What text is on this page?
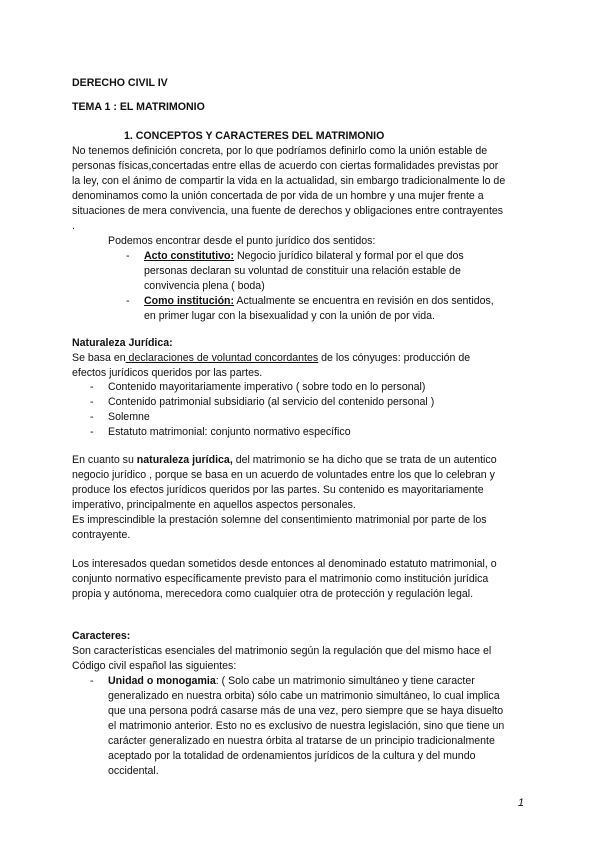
DERECHO CIVIL IV
TEMA 1 : EL MATRIMONIO
1. CONCEPTOS Y CARACTERES DEL MATRIMONIO
No tenemos definición concreta, por lo que podríamos definirlo como la unión estable de
personas físicas,concertadas entre ellas de acuerdo con ciertas formalidades previstas por
la ley, con el ánimo de compartir la vida en la actualidad, sin embargo tradicionalmente lo de
denominamos como la unión concertada de por vida de un hombre y una mujer frente a
situaciones de mera convivencia, una fuente de derechos y obligaciones entre contrayentes
.
Podemos encontrar desde el punto jurídico dos sentidos:
- Acto constitutivo: Negocio jurídico bilateral y formal por el que dos
personas declaran su voluntad de constituir una relación estable de
convivencia plena ( boda)
- Como institución: Actualmente se encuentra en revisión en dos sentidos,
en primer lugar con la bisexualidad y con la unión de por vida.
Naturaleza Jurídica:
Se basa en declaraciones de voluntad concordantes de los cónyuges: producción de
efectos jurídicos queridos por las partes.
- Contenido mayoritariamente imperativo ( sobre todo en lo personal)
- Contenido patrimonial subsidiario (al servicio del contenido personal )
- Solemne
- Estatuto matrimonial: conjunto normativo específico
En cuanto su naturaleza jurídica, del matrimonio se ha dicho que se trata de un autentico
negocio jurídico , porque se basa en un acuerdo de voluntades entre los que lo celebran y
produce los efectos jurídicos queridos por las partes. Su contenido es mayoritariamente
imperativo, principalmente en aquellos aspectos personales.
Es imprescindible la prestación solemne del consentimiento matrimonial por parte de los
contrayente.
Los interesados quedan sometidos desde entonces al denominado estatuto matrimonial, o
conjunto normativo específicamente previsto para el matrimonio como institución jurídica
propia y autónoma, merecedora como cualquier otra de protección y regulación legal.
Caracteres:
Son características esenciales del matrimonio según la regulación que del mismo hace el
Código civil español las siguientes:
- Unidad o monogamia: ( Solo cabe un matrimonio simultáneo y tiene caracter
generalizado en nuestra orbita) sólo cabe un matrimonio simultáneo, lo cual implica
que una persona podrá casarse más de una vez, pero siempre que se haya disuelto
el matrimonio anterior. Esto no es exclusivo de nuestra legislación, sino que tiene un
carácter generalizado en nuestra órbita al tratarse de un principio tradicionalmente
aceptado por la totalidad de ordenamientos jurídicos de la cultura y del mundo
occidental.
1
